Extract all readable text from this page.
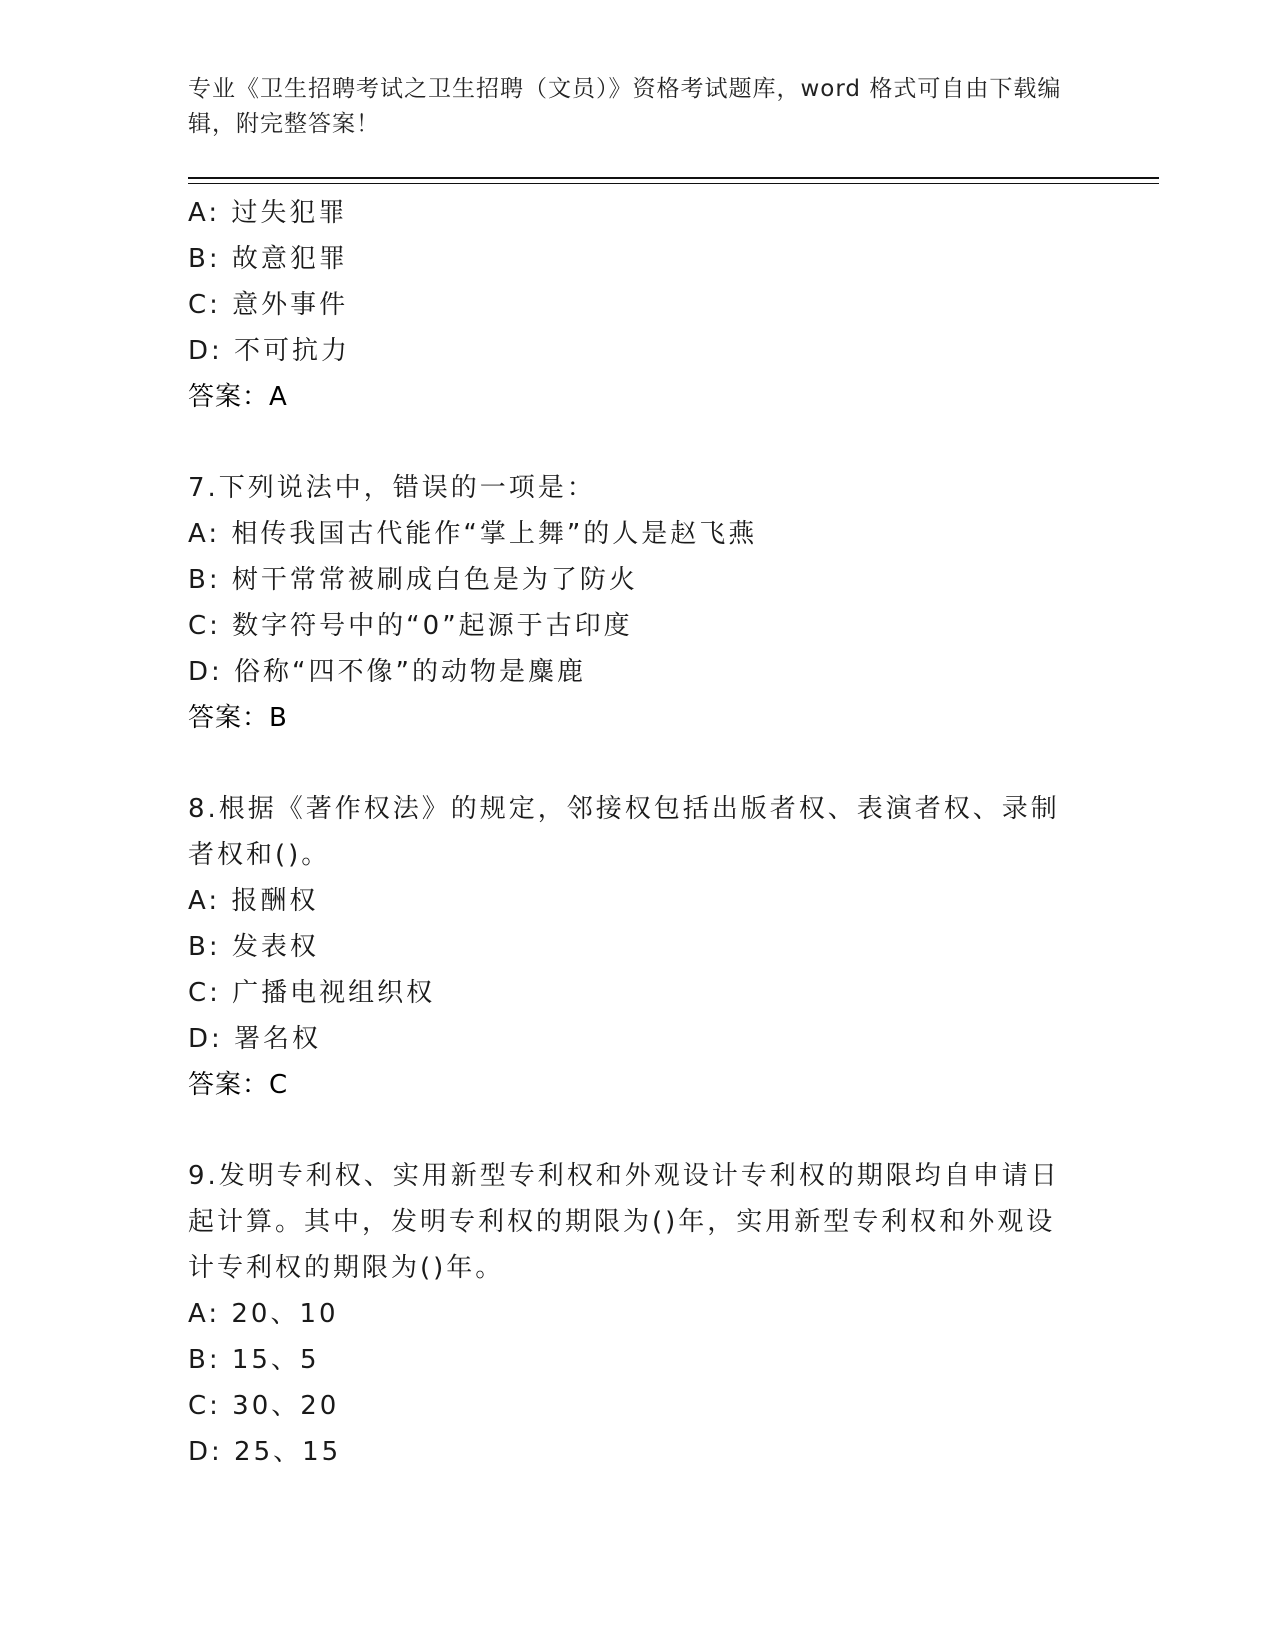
专业《卫生招聘考试之卫生招聘（文员）》资格考试题库，word 格式可自由下载编辑，附完整答案！
A: 过失犯罪
B: 故意犯罪
C: 意外事件
D: 不可抗力
答案：A
7.下列说法中，错误的一项是：
A: 相传我国古代能作“掌上舞”的人是赵飞燕
B: 树干常常被刷成白色是为了防火
C: 数字符号中的“0”起源于古印度
D: 俗称“四不像”的动物是麋鹿
答案：B
8.根据《著作权法》的规定，邻接权包括出版者权、表演者权、录制者权和()。
A: 报酬权
B: 发表权
C: 广播电视组织权
D: 署名权
答案：C
9.发明专利权、实用新型专利权和外观设计专利权的期限均自申请日起计算。其中，发明专利权的期限为()年，实用新型专利权和外观设计专利权的期限为()年。
A: 20、10
B: 15、5
C: 30、20
D: 25、15
